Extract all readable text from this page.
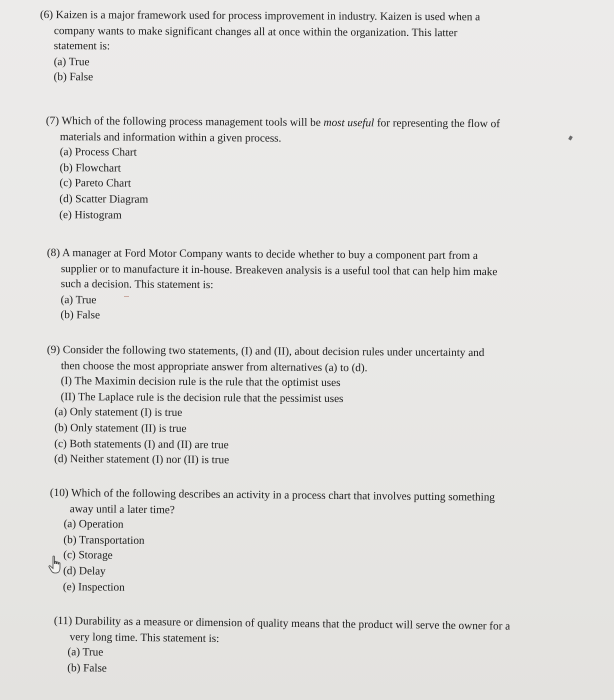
(6) Kaizen is a major framework used for process improvement in industry. Kaizen is used when a
company wants to make significant changes all at once within the organization. This latter
statement is:

(a) True
(b) False

(7) Which of the following process management tools will be most useful for representing the flow of
materials and information within a given process.

(a) Process Chart
(b) Flowchart
(c) Pareto Chart
(d) Scatter Diagram
(e) Histogram

(8) A manager at Ford Motor Company wants to decide whether to buy a component part from a
supplier or to manufacture it in-house. Breakeven analysis is a useful tool that can help him make
such a decision. This statement is:

(a) True
(b) False

(9) Consider the following two statements, (I) and (II), about decision rules under uncertainty and
then choose the most appropriate answer from alternatives (a) to (d).

(I) The Maximin decision rule is the rule that the optimist uses
(II) The Laplace rule is the decision rule that the pessimist uses
(a) Only statement (I) is true
(b) Only statement (II) is true
(c) Both statements (I) and (II) are true
(d) Neither statement (I) nor (II) is true

(10) Which of the following describes an activity in a process chart that involves putting something
away until a later time?

(a) Operation
(b) Transportation
(c) Storage
(d) Delay
(e) Inspection

(11) Durability as a measure or dimension of quality means that the product will serve the owner for a
very long time. This statement is:

(a) True
(b) False
